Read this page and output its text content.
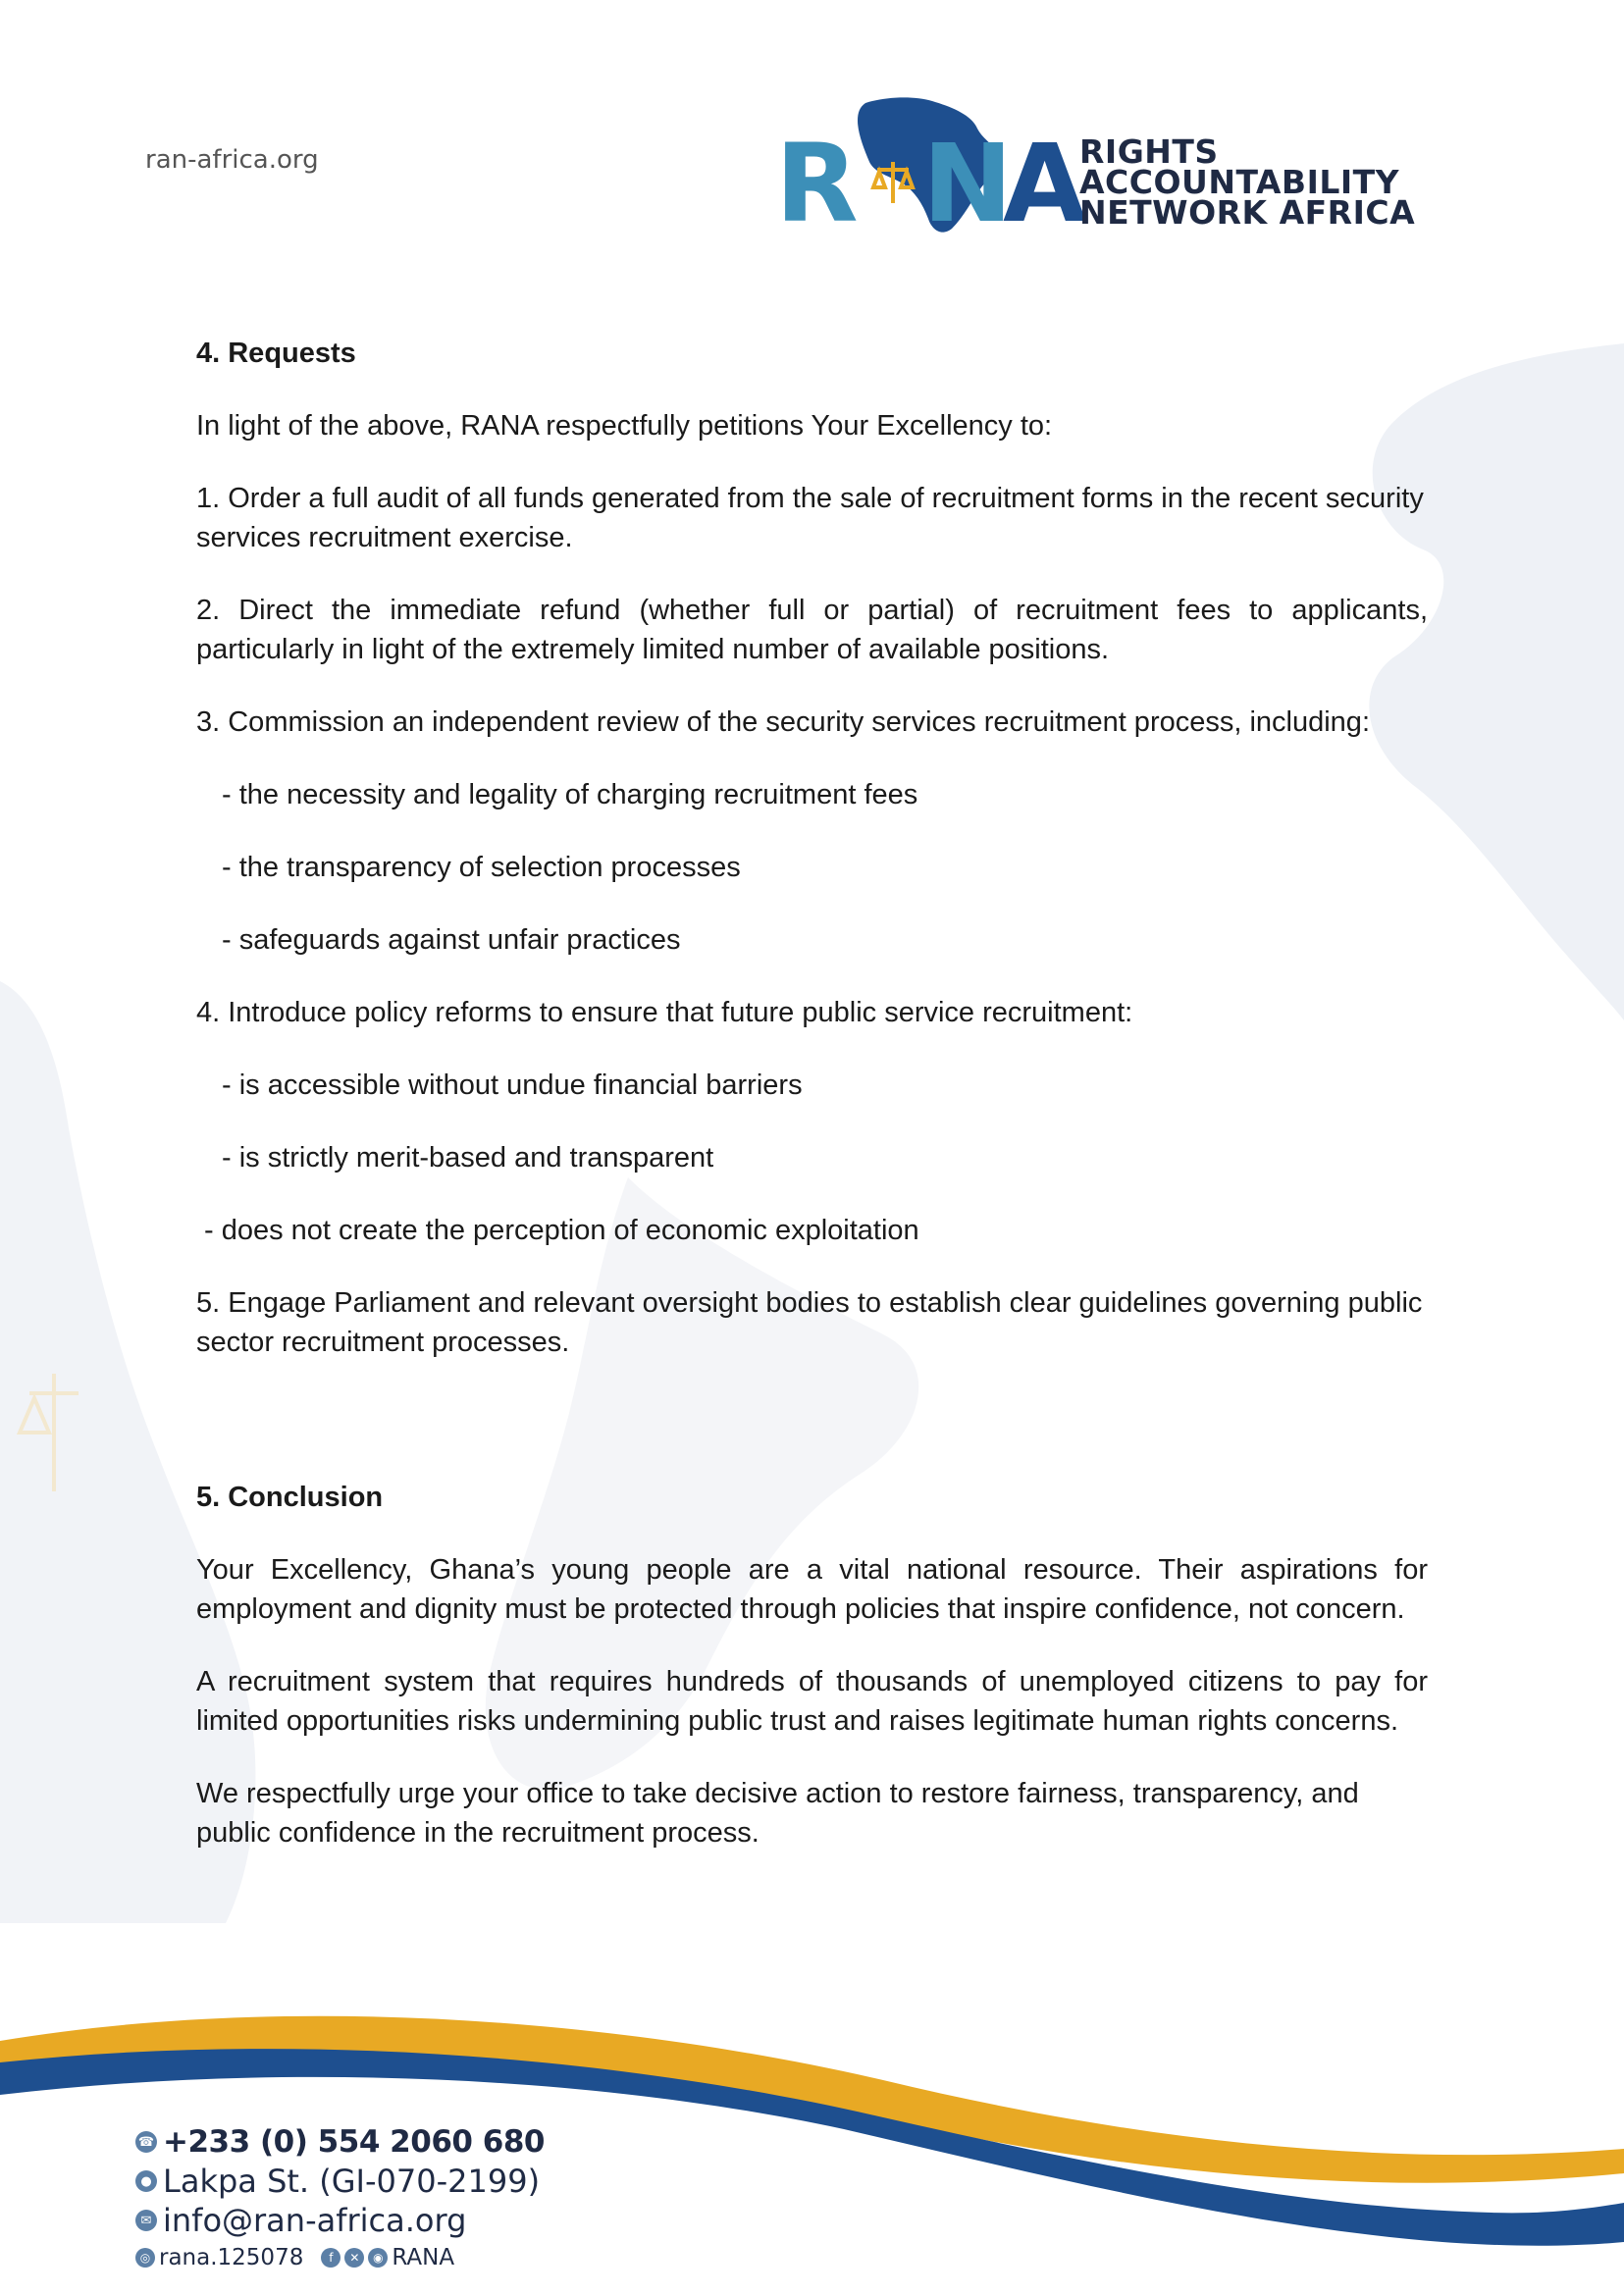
ran-africa.org	R N
A
RIGHTS ACCOUNTABILITY
NETWORK AFRICA

4. Requests

In light of the above, RANA respectfully petitions Your Excellency to:

1. Order a full audit of all funds generated from the sale of recruitment forms in the recent security services recruitment exercise.

2. Direct the immediate refund (whether full or partial) of recruitment fees to applicants, particularly in light of the extremely limited number of available positions.

3. Commission an independent review of the security services recruitment process, including:

- the necessity and legality of charging recruitment fees

- the transparency of selection processes

- safeguards against unfair practices

4. Introduce policy reforms to ensure that future public service recruitment:

- is accessible without undue financial barriers

- is strictly merit-based and transparent

- does not create the perception of economic exploitation

5. Engage Parliament and relevant oversight bodies to establish clear guidelines governing public sector recruitment processes.

5. Conclusion

Your Excellency, Ghana’s young people are a vital national resource. Their aspirations for employment and dignity must be protected through policies that inspire confidence, not concern.

A recruitment system that requires hundreds of thousands of unemployed citizens to pay for limited opportunities risks undermining public trust and raises legitimate human rights concerns.

We respectfully urge your office to take decisive action to restore fairness, transparency, and public confidence in the recruitment process.

☎ +233 (0) 554 2060 680
● Lakpa St. (GI-070-2199)
✉ info@ran-africa.org
◎ rana.125078	f	✕	◉ RANA
